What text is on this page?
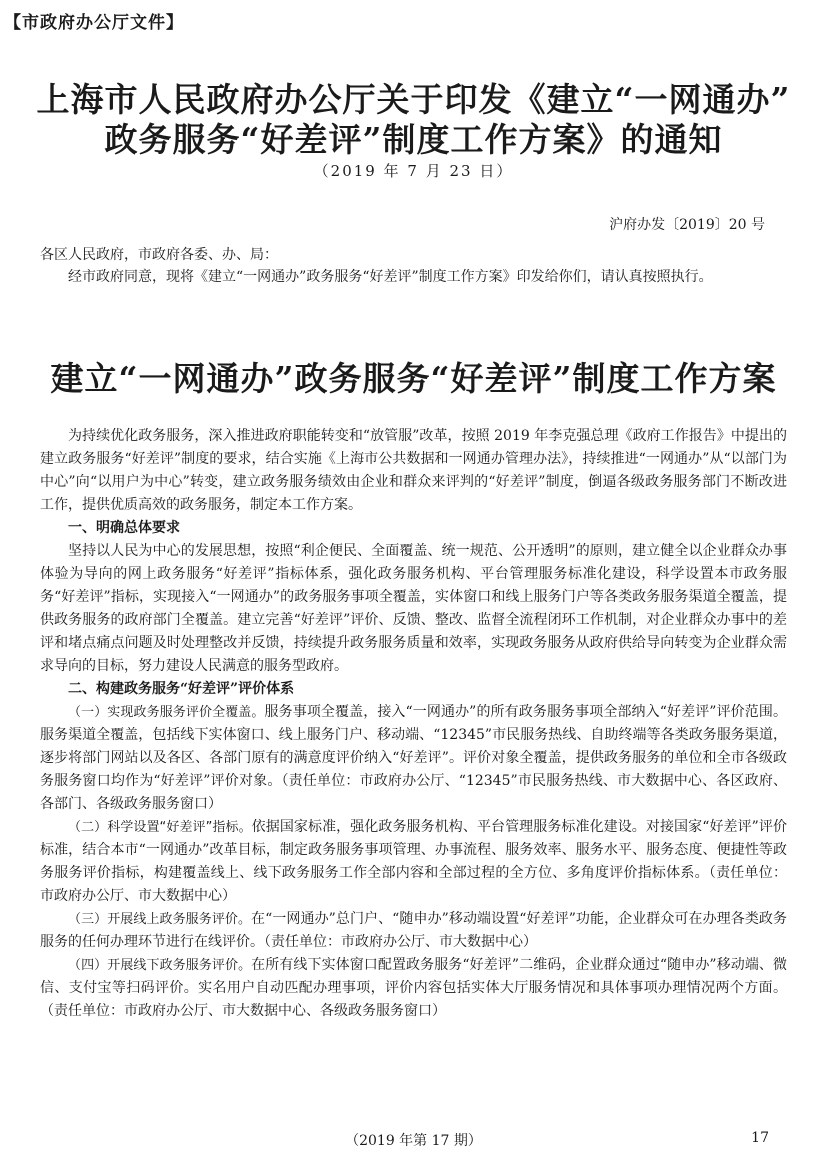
【市政府办公厅文件】
上海市人民政府办公厅关于印发《建立“一网通办”
政务服务“好差评”制度工作方案》的通知
（2019 年 7 月 23 日）
沪府办发〔2019〕20 号
各区人民政府，市政府各委、办、局：
经市政府同意，现将《建立“一网通办”政务服务“好差评”制度工作方案》印发给你们，请认真按照执行。
建立“一网通办”政务服务“好差评”制度工作方案

为持续优化政务服务，深入推进政府职能转变和“放管服”改革，按照 2019 年李克强总理《政府工作报告》中提出的建立政务服务“好差评”制度的要求，结合实施《上海市公共数据和一网通办管理办法》，持续推进“一网通办”从“以部门为中心”向“以用户为中心”转变，建立政务服务绩效由企业和群众来评判的“好差评”制度，倒逼各级政务服务部门不断改进工作，提供优质高效的政务服务，制定本工作方案。

一、明确总体要求

坚持以人民为中心的发展思想，按照“利企便民、全面覆盖、统一规范、公开透明”的原则，建立健全以企业群众办事体验为导向的网上政务服务“好差评”指标体系，强化政务服务机构、平台管理服务标准化建设，科学设置本市政务服务“好差评”指标，实现接入“一网通办”的政务服务事项全覆盖，实体窗口和线上服务门户等各类政务服务渠道全覆盖，提供政务服务的政府部门全覆盖。建立完善“好差评”评价、反馈、整改、监督全流程闭环工作机制，对企业群众办事中的差评和堵点痛点问题及时处理整改并反馈，持续提升政务服务质量和效率，实现政务服务从政府供给导向转变为企业群众需求导向的目标，努力建设人民满意的服务型政府。

二、构建政务服务“好差评”评价体系

（一）实现政务服务评价全覆盖。服务事项全覆盖，接入“一网通办”的所有政务服务事项全部纳入“好差评”评价范围。服务渠道全覆盖，包括线下实体窗口、线上服务门户、移动端、“12345”市民服务热线、自助终端等各类政务服务渠道，逐步将部门网站以及各区、各部门原有的满意度评价纳入“好差评”。评价对象全覆盖，提供政务服务的单位和全市各级政务服务窗口均作为“好差评”评价对象。（责任单位：市政府办公厅、“12345”市民服务热线、市大数据中心、各区政府、各部门、各级政务服务窗口）

（二）科学设置“好差评”指标。依据国家标准，强化政务服务机构、平台管理服务标准化建设。对接国家“好差评”评价标准，结合本市“一网通办”改革目标，制定政务服务事项管理、办事流程、服务效率、服务水平、服务态度、便捷性等政务服务评价指标，构建覆盖线上、线下政务服务工作全部内容和全部过程的全方位、多角度评价指标体系。（责任单位：市政府办公厅、市大数据中心）

（三）开展线上政务服务评价。在“一网通办”总门户、“随申办”移动端设置“好差评”功能，企业群众可在办理各类政务服务的任何办理环节进行在线评价。（责任单位：市政府办公厅、市大数据中心）

（四）开展线下政务服务评价。在所有线下实体窗口配置政务服务“好差评”二维码，企业群众通过“随申办”移动端、微信、支付宝等扫码评价。实名用户自动匹配办理事项，评价内容包括实体大厅服务情况和具体事项办理情况两个方面。（责任单位：市政府办公厅、市大数据中心、各级政务服务窗口）

（2019 年第 17 期）	17
